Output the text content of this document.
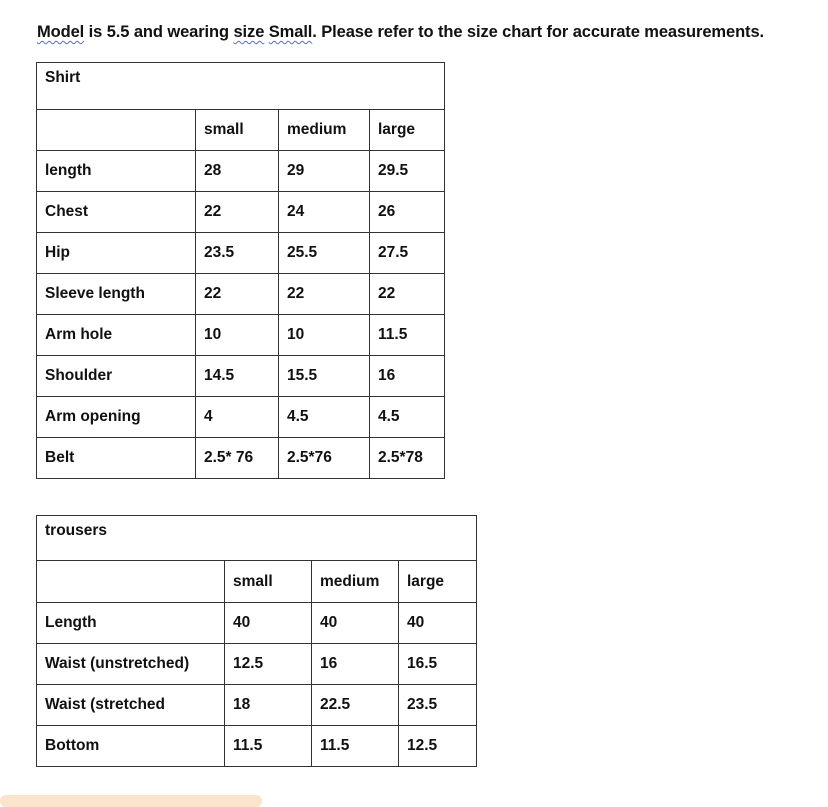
Model is 5.5 and wearing size Small. Please refer to the size chart for accurate measurements.
Shirt			
	small	medium	large
length	28	29	29.5
Chest	22	24	26
Hip	23.5	25.5	27.5
Sleeve length	22	22	22
Arm hole	10	10	11.5
Shoulder	14.5	15.5	16
Arm opening	4	4.5	4.5
Belt	2.5* 76	2.5*76	2.5*78
trousers			
	small	medium	large
Length	40	40	40
Waist (unstretched)	12.5	16	16.5
Waist (stretched	18	22.5	23.5
Bottom	11.5	11.5	12.5
